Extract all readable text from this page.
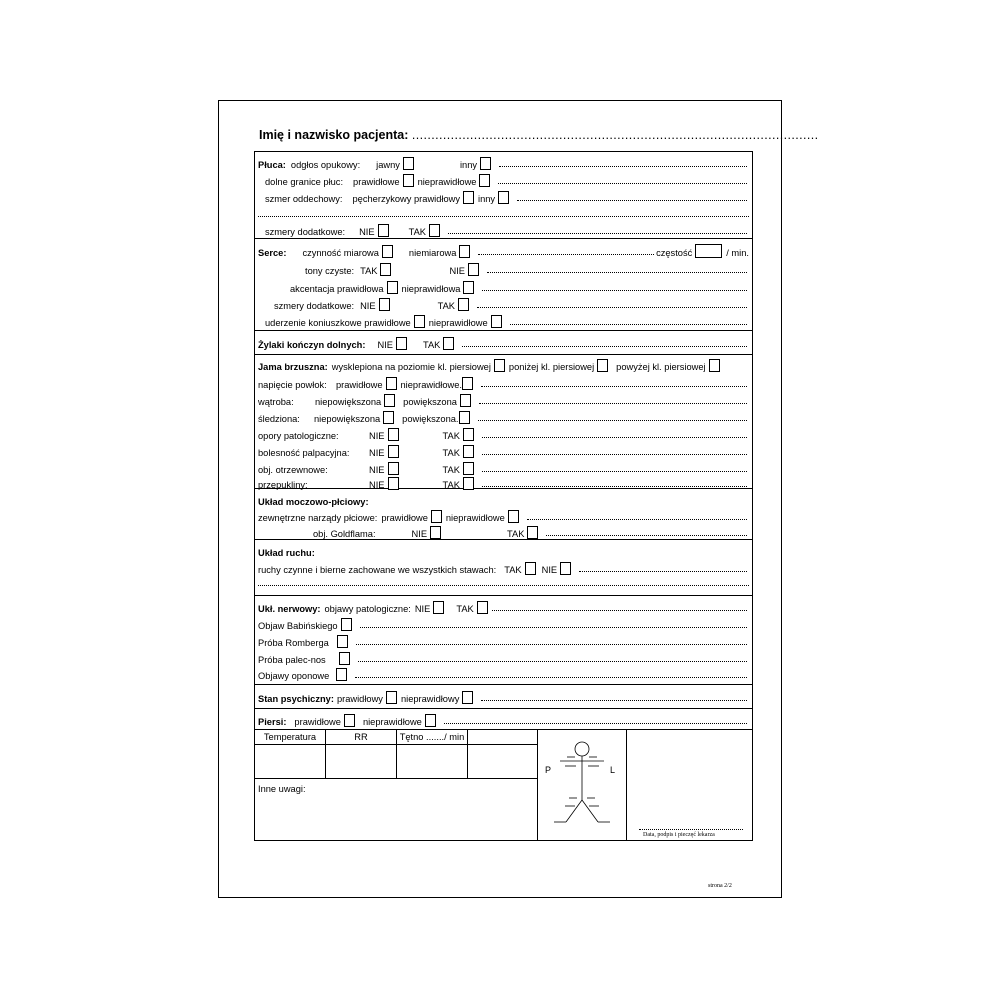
Imię i nazwisko pacjenta: .........................................................................................................
Płuca: odgłos opukowy: jawny	inny
dolne granice płuc: prawidłowe nieprawidłowe
szmer oddechowy: pęcherzykowy prawidłowy inny
szmery dodatkowe: NIE	TAK
Serce: czynność miarowa	niemiarowa	częstość	/ min.
tony czyste: TAK	NIE
akcentacja prawidłowa nieprawidłowa
szmery dodatkowe: NIE	TAK
uderzenie koniuszkowe prawidłowe nieprawidłowe
Żylaki kończyn dolnych: NIE	TAK
Jama brzuszna: wysklepiona na poziomie kl. piersiowej poniżej kl. piersiowej powyżej kl. piersiowej
napięcie powłok: prawidłowe nieprawidłowe.
wątroba:	niepowiększona powiększona
śledziona:	niepowiększona powiększona.
opory patologiczne:	NIE	TAK
bolesność palpacyjna:	NIE	TAK
obj. otrzewnowe:	NIE	TAK
przepukliny:	NIE	TAK
Układ moczowo-płciowy:
zewnętrzne narządy płciowe: prawidłowe nieprawidłowe
obj. Goldflama:	NIE	TAK
Układ ruchu:
ruchy czynne i bierne zachowane we wszystkich stawach: TAK NIE
Ukł. nerwowy: objawy patologiczne: NIE	TAK
Objaw Babińskiego
Próba Romberga
Próba palec-nos
Objawy oponowe
Stan psychiczny: prawidłowy nieprawidłowy
Piersi: prawidłowe nieprawidłowe
Temperatura	RR	Tętno ......./ min
Inne uwagi:
P	L
Data, podpis i pieczęć lekarza
strona 2/2
